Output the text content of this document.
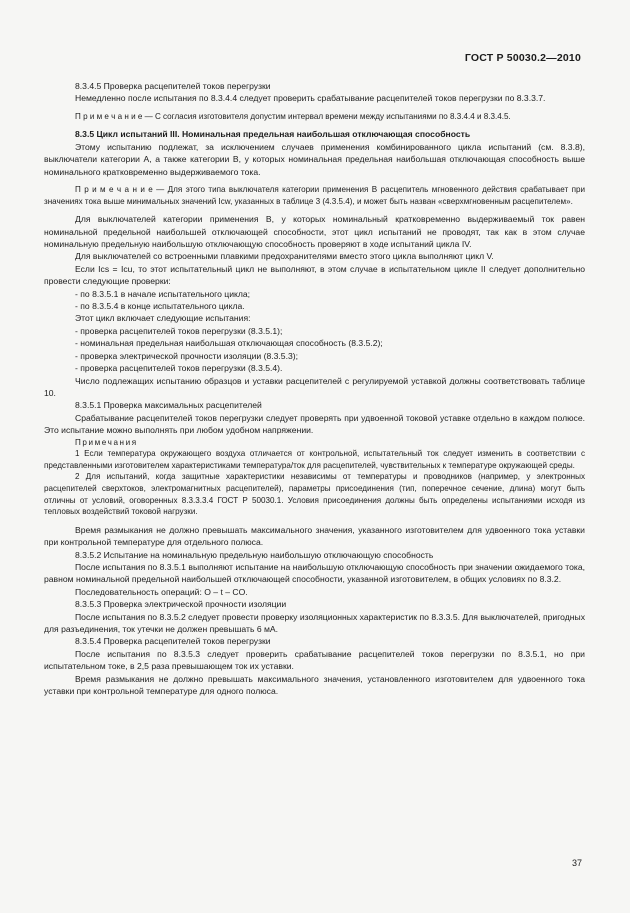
ГОСТ Р 50030.2—2010

8.3.4.5 Проверка расцепителей токов перегрузки

Немедленно после испытания по 8.3.4.4 следует проверить срабатывание расцепителей токов перегрузки по 8.3.3.7.

П р и м е ч а н и е — С согласия изготовителя допустим интервал времени между испытаниями по 8.3.4.4 и 8.3.4.5.

8.3.5 Цикл испытаний III. Номинальная предельная наибольшая отключающая способность

Этому испытанию подлежат, за исключением случаев применения комбинированного цикла испытаний (см. 8.3.8), выключатели категории А, а также категории В, у которых номинальная предельная наибольшая отключающая способность выше номинального кратковременно выдерживаемого тока.

П р и м е ч а н и е — Для этого типа выключателя категории применения В расцепитель мгновенного действия срабатывает при значениях тока выше минимальных значений Icw, указанных в таблице 3 (4.3.5.4), и может быть назван «сверхмгновенным расцепителем».

Для выключателей категории применения В, у которых номинальный кратковременно выдерживаемый ток равен номинальной предельной наибольшей отключающей способности, этот цикл испытаний не проводят, так как в этом случае номинальную предельную наибольшую отключающую способность проверяют в ходе испытаний цикла IV.

Для выключателей со встроенными плавкими предохранителями вместо этого цикла выполняют цикл V.

Если Ics = Icu, то этот испытательный цикл не выполняют, в этом случае в испытательном цикле II следует дополнительно провести следующие проверки:

- по 8.3.5.1 в начале испытательного цикла;

- по 8.3.5.4 в конце испытательного цикла.

Этот цикл включает следующие испытания:

- проверка расцепителей токов перегрузки (8.3.5.1);

- номинальная предельная наибольшая отключающая способность (8.3.5.2);

- проверка электрической прочности изоляции (8.3.5.3);

- проверка расцепителей токов перегрузки (8.3.5.4).

Число подлежащих испытанию образцов и уставки расцепителей с регулируемой уставкой должны соответствовать таблице 10.

8.3.5.1 Проверка максимальных расцепителей

Срабатывание расцепителей токов перегрузки следует проверять при удвоенной токовой уставке отдельно в каждом полюсе. Это испытание можно выполнять при любом удобном напряжении.

Примечания

1 Если температура окружающего воздуха отличается от контрольной, испытательный ток следует изменить в соответствии с представленными изготовителем характеристиками температура/ток для расцепителей, чувствительных к температуре окружающей среды.

2 Для испытаний, когда защитные характеристики независимы от температуры и проводников (например, у электронных расцепителей сверхтоков, электромагнитных расцепителей), параметры присоединения (тип, поперечное сечение, длина) могут быть отличны от условий, оговоренных 8.3.3.3.4 ГОСТ Р 50030.1. Условия присоединения должны быть определены испытаниями исходя из тепловых воздействий токовой нагрузки.

Время размыкания не должно превышать максимального значения, указанного изготовителем для удвоенного тока уставки при контрольной температуре для отдельного полюса.

8.3.5.2 Испытание на номинальную предельную наибольшую отключающую способность

После испытания по 8.3.5.1 выполняют испытание на наибольшую отключающую способность при значении ожидаемого тока, равном номинальной предельной наибольшей отключающей способности, указанной изготовителем, в общих условиях по 8.3.2.

Последовательность операций: O – t – CO.

8.3.5.3 Проверка электрической прочности изоляции

После испытания по 8.3.5.2 следует провести проверку изоляционных характеристик по 8.3.3.5. Для выключателей, пригодных для разъединения, ток утечки не должен превышать 6 мА.

8.3.5.4 Проверка расцепителей токов перегрузки

После испытания по 8.3.5.3 следует проверить срабатывание расцепителей токов перегрузки по 8.3.5.1, но при испытательном токе, в 2,5 раза превышающем ток их уставки.

Время размыкания не должно превышать максимального значения, установленного изготовителем для удвоенного тока уставки при контрольной температуре для одного полюса.

37
